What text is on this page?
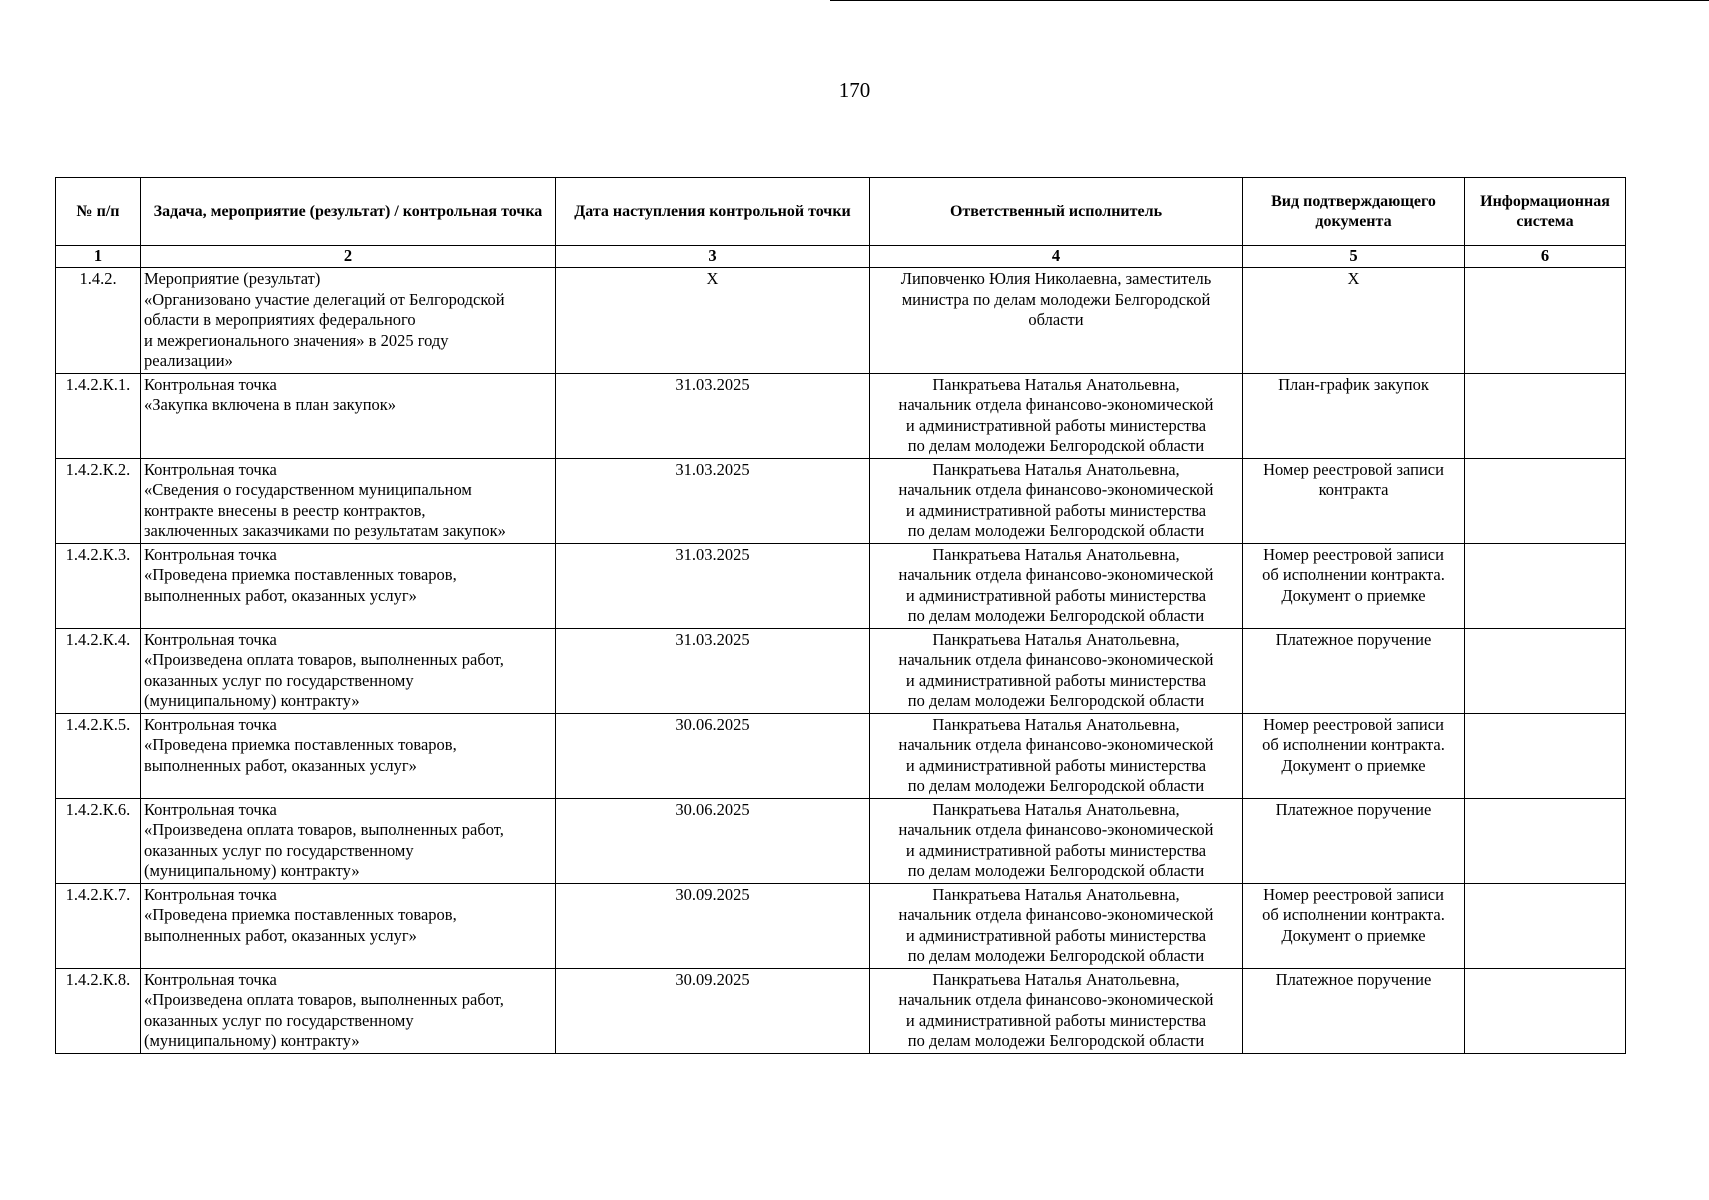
170
№ п/п	Задача, мероприятие (результат) / контрольная точка	Дата наступления контрольной точки	Ответственный исполнитель	Вид подтверждающего документа	Информационная система
1	2	3	4	5	6
1.4.2.	Мероприятие (результат)
«Организовано участие делегаций от Белгородской
области в мероприятиях федерального
и межрегионального значения» в 2025 году
реализации»	Х	Липовченко Юлия Николаевна, заместитель
министра по делам молодежи Белгородской
области	Х	
1.4.2.К.1.	Контрольная точка
«Закупка включена в план закупок»	31.03.2025	Панкратьева Наталья Анатольевна,
начальник отдела финансово-экономической
и административной работы министерства
по делам молодежи Белгородской области	План-график закупок	

1.4.2.К.2.	Контрольная точка
«Сведения о государственном муниципальном
контракте внесены в реестр контрактов,
заключенных заказчиками по результатам закупок»	31.03.2025	Панкратьева Наталья Анатольевна,
начальник отдела финансово-экономической
и административной работы министерства
по делам молодежи Белгородской области	Номер реестровой записи
контракта	

1.4.2.К.3.	Контрольная точка
«Проведена приемка поставленных товаров,
выполненных работ, оказанных услуг»	31.03.2025	Панкратьева Наталья Анатольевна,
начальник отдела финансово-экономической
и административной работы министерства
по делам молодежи Белгородской области	Номер реестровой записи
об исполнении контракта.
Документ о приемке	

1.4.2.К.4.	Контрольная точка
«Произведена оплата товаров, выполненных работ,
оказанных услуг по государственному
(муниципальному) контракту»	31.03.2025	Панкратьева Наталья Анатольевна,
начальник отдела финансово-экономической
и административной работы министерства
по делам молодежи Белгородской области	Платежное поручение	

1.4.2.К.5.	Контрольная точка
«Проведена приемка поставленных товаров,
выполненных работ, оказанных услуг»	30.06.2025	Панкратьева Наталья Анатольевна,
начальник отдела финансово-экономической
и административной работы министерства
по делам молодежи Белгородской области	Номер реестровой записи
об исполнении контракта.
Документ о приемке	

1.4.2.К.6.	Контрольная точка
«Произведена оплата товаров, выполненных работ,
оказанных услуг по государственному
(муниципальному) контракту»	30.06.2025	Панкратьева Наталья Анатольевна,
начальник отдела финансово-экономической
и административной работы министерства
по делам молодежи Белгородской области	Платежное поручение	

1.4.2.К.7.	Контрольная точка
«Проведена приемка поставленных товаров,
выполненных работ, оказанных услуг»	30.09.2025	Панкратьева Наталья Анатольевна,
начальник отдела финансово-экономической
и административной работы министерства
по делам молодежи Белгородской области	Номер реестровой записи
об исполнении контракта.
Документ о приемке	

1.4.2.К.8.	Контрольная точка
«Произведена оплата товаров, выполненных работ,
оказанных услуг по государственному
(муниципальному) контракту»	30.09.2025	Панкратьева Наталья Анатольевна,
начальник отдела финансово-экономической
и административной работы министерства
по делам молодежи Белгородской области	Платежное поручение	
